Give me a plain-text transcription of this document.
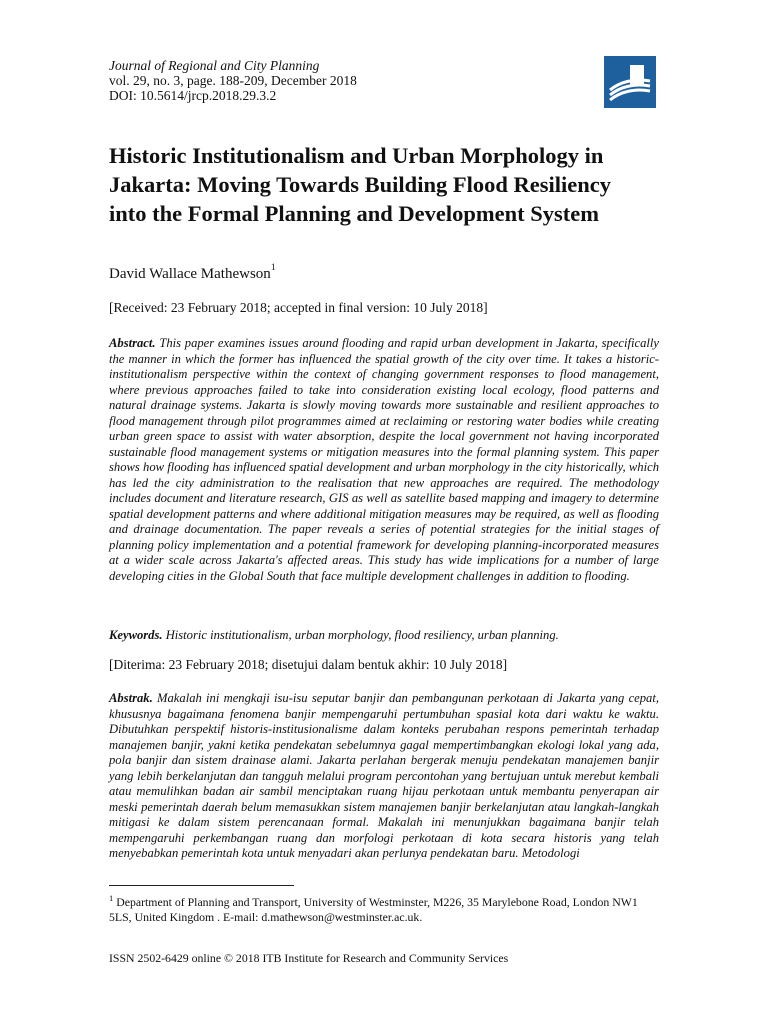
Journal of Regional and City Planning
vol. 29, no. 3, page. 188-209, December 2018
DOI: 10.5614/jrcp.2018.29.3.2
Historic Institutionalism and Urban Morphology in Jakarta: Moving Towards Building Flood Resiliency into the Formal Planning and Development System
David Wallace Mathewson$^1$
[Received: 23 February 2018; accepted in final version: 10 July 2018]

Abstract. This paper examines issues around flooding and rapid urban development in Jakarta, specifically the manner in which the former has influenced the spatial growth of the city over time. It takes a historic-institutionalism perspective within the context of changing government responses to flood management, where previous approaches failed to take into consideration existing local ecology, flood patterns and natural drainage systems. Jakarta is slowly moving towards more sustainable and resilient approaches to flood management through pilot programmes aimed at reclaiming or restoring water bodies while creating urban green space to assist with water absorption, despite the local government not having incorporated sustainable flood management systems or mitigation measures into the formal planning system. This paper shows how flooding has influenced spatial development and urban morphology in the city historically, which has led the city administration to the realisation that new approaches are required. The methodology includes document and literature research, GIS as well as satellite based mapping and imagery to determine spatial development patterns and where additional mitigation measures may be required, as well as flooding and drainage documentation. The paper reveals a series of potential strategies for the initial stages of planning policy implementation and a potential framework for developing planning-incorporated measures at a wider scale across Jakarta's affected areas. This study has wide implications for a number of large developing cities in the Global South that face multiple development challenges in addition to flooding.

Keywords. Historic institutionalism, urban morphology, flood resiliency, urban planning.
[Diterima: 23 February 2018; disetujui dalam bentuk akhir: 10 July 2018]

Abstrak. Makalah ini mengkaji isu-isu seputar banjir dan pembangunan perkotaan di Jakarta yang cepat, khususnya bagaimana fenomena banjir mempengaruhi pertumbuhan spasial kota dari waktu ke waktu. Dibutuhkan perspektif historis-institusionalisme dalam konteks perubahan respons pemerintah terhadap manajemen banjir, yakni ketika pendekatan sebelumnya gagal mempertimbangkan ekologi lokal yang ada, pola banjir dan sistem drainase alami. Jakarta perlahan bergerak menuju pendekatan manajemen banjir yang lebih berkelanjutan dan tangguh melalui program percontohan yang bertujuan untuk merebut kembali atau memulihkan badan air sambil menciptakan ruang hijau perkotaan untuk membantu penyerapan air meski pemerintah daerah belum memasukkan sistem manajemen banjir berkelanjutan atau langkah-langkah mitigasi ke dalam sistem perencanaan formal. Makalah ini menunjukkan bagaimana banjir telah mempengaruhi perkembangan ruang dan morfologi perkotaan di kota secara historis yang telah menyebabkan pemerintah kota untuk menyadari akan perlunya pendekatan baru. Metodologi

$^1$ Department of Planning and Transport, University of Westminster, M226, 35 Marylebone Road, London NW1 5LS, United Kingdom . E-mail: d.mathewson@westminster.ac.uk.
ISSN 2502-6429 online © 2018 ITB Institute for Research and Community Services
